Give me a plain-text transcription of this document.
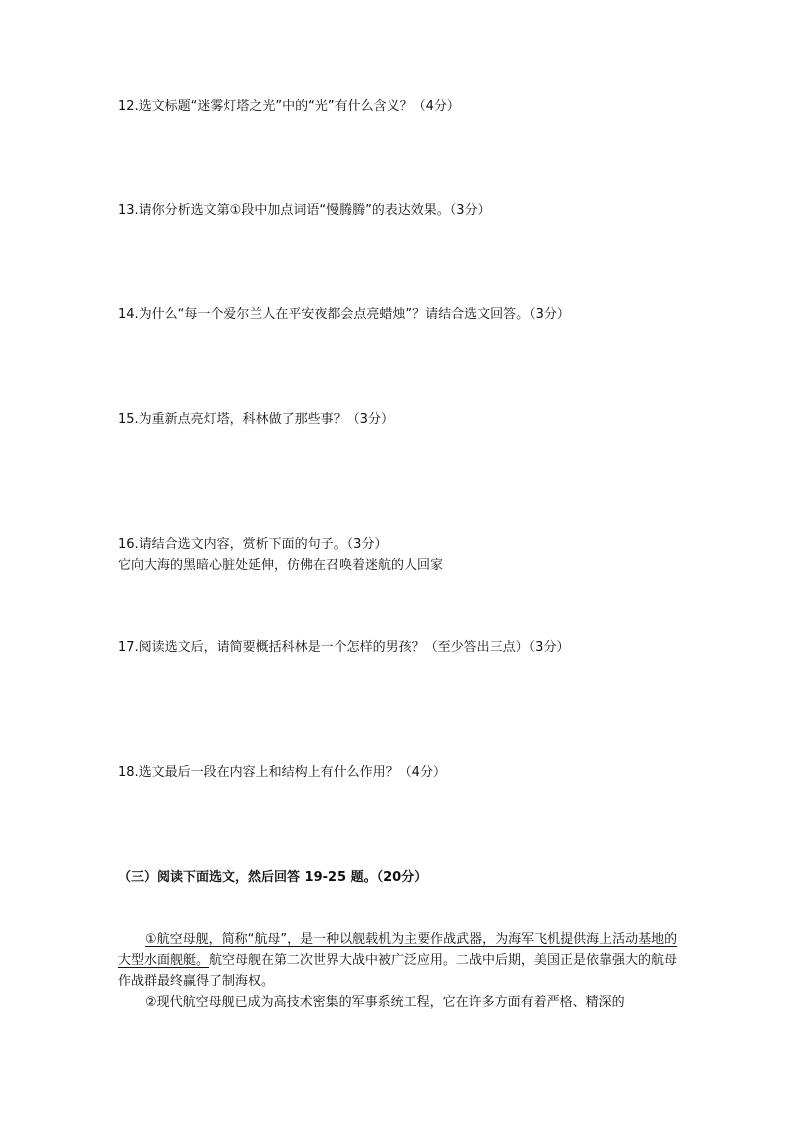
12.选文标题“迷雾灯塔之光”中的“光”有什么含义？（4分）
13.请你分析选文第①段中加点词语“慢腾腾”的表达效果。（3分）
14.为什么“每一个爱尔兰人在平安夜都会点亮蜡烛”？请结合选文回答。（3分）
15.为重新点亮灯塔，科林做了那些事？（3分）
16.请结合选文内容，赏析下面的句子。（3分）
它向大海的黑暗心脏处延伸，仿佛在召唤着迷航的人回家
17.阅读选文后，请简要概括科林是一个怎样的男孩？（至少答出三点）（3分）
18.选文最后一段在内容上和结构上有什么作用？（4分）
（三）阅读下面选文，然后回答 19-25 题。（20分）
①航空母舰，简称“航母”，是一种以舰载机为主要作战武器，为海军飞机提供海上活动基地的大型水面舰艇。航空母舰在第二次世界大战中被广泛应用。二战中后期，美国正是依靠强大的航母作战群最终赢得了制海权。
②现代航空母舰已成为高技术密集的军事系统工程，它在许多方面有着严格、精深的
